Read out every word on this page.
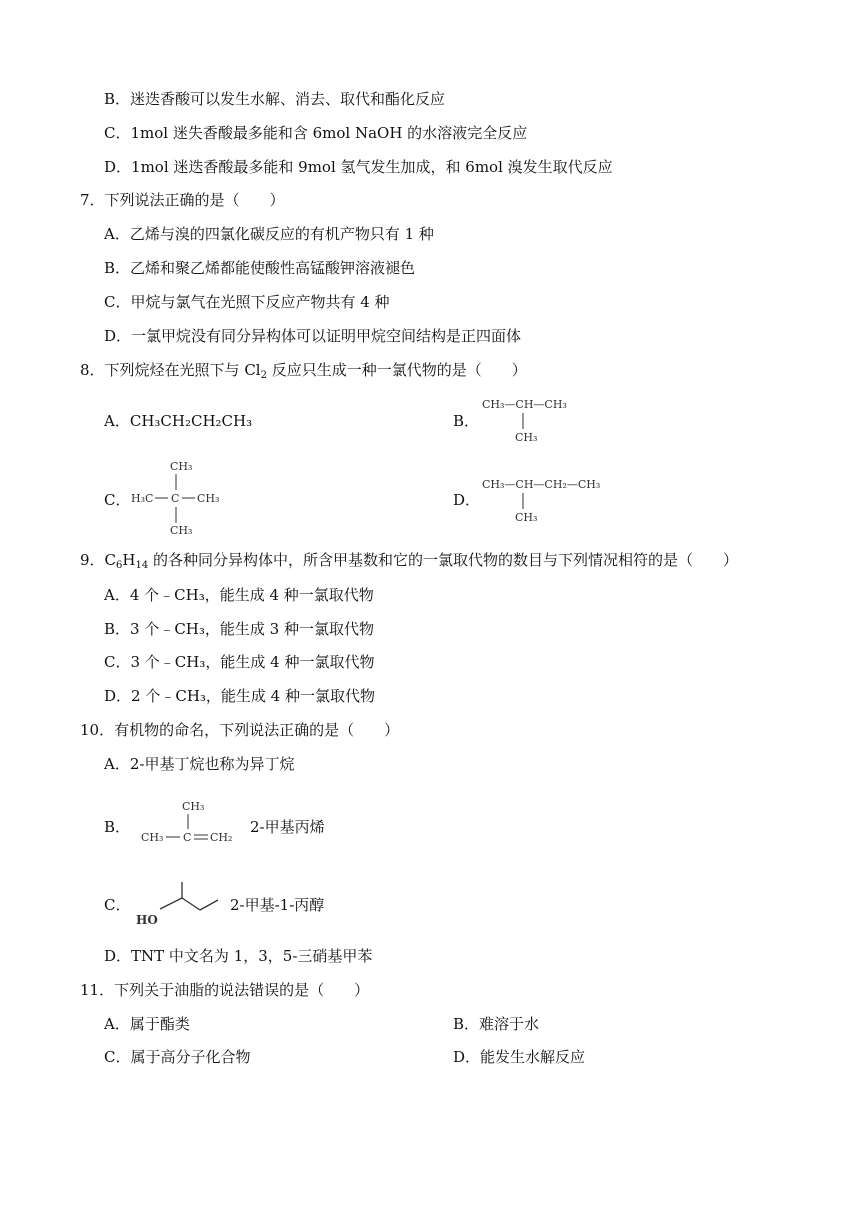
B．迷迭香酸可以发生水解、消去、取代和酯化反应
C．1mol 迷失香酸最多能和含 6mol NaOH 的水溶液完全反应
D．1mol 迷迭香酸最多能和 9mol 氢气发生加成，和 6mol 溴发生取代反应
7．下列说法正确的是（　　）
A．乙烯与溴的四氯化碳反应的有机产物只有 1 种
B．乙烯和聚乙烯都能使酸性高锰酸钾溶液褪色
C．甲烷与氯气在光照下反应产物共有 4 种
D．一氯甲烷没有同分异构体可以证明甲烷空间结构是正四面体
8．下列烷烃在光照下与 $Cl_2$ 反应只生成一种一氯代物的是（　　）
A．CH₃CH₂CH₂CH₃	B．
CH₃—CH—CH₃
CH₃
C．
CH₃
H₃C C CH₃
CH₃
D．
CH₃—CH—CH₂—CH₃
CH₃
9．$C_6H_{14}$ 的各种同分异构体中，所含甲基数和它的一氯取代物的数目与下列情况相符的是（　　）
A．4 个﹣CH₃，能生成 4 种一氯取代物
B．3 个﹣CH₃，能生成 3 种一氯取代物
C．3 个﹣CH₃，能生成 4 种一氯取代物
D．2 个﹣CH₃，能生成 4 种一氯取代物
10．有机物的命名，下列说法正确的是（　　）
A．2-甲基丁烷也称为异丁烷
B．
CH₃
CH₃ C CH₂
2-甲基丙烯
C．
HO
2-甲基-1-丙醇
D．TNT 中文名为 1，3，5-三硝基甲苯
11．下列关于油脂的说法错误的是（　　）
A．属于酯类	B．难溶于水
C．属于高分子化合物	D．能发生水解反应
